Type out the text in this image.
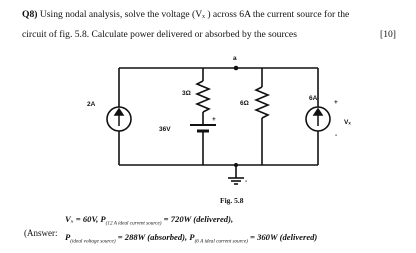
Q8) Using nodal analysis, solve the voltage (Vₓ ) across 6A the current source for the
circuit of fig. 5.8. Calculate power delivered or absorbed by the sources	[10]
a
3Ω
6Ω
2A
6A
36V
Vₓ
+
-
+
-
Fig. 5.8
(Answer:
Vₓ = 60V, $P_{(12 A ideal current source)} = 720W$ (delivered),
$P_{(ideal voltage source)} = 288W$ (absorbed), $P_{(6 A ideal current source)} = 360W$ (delivered)
